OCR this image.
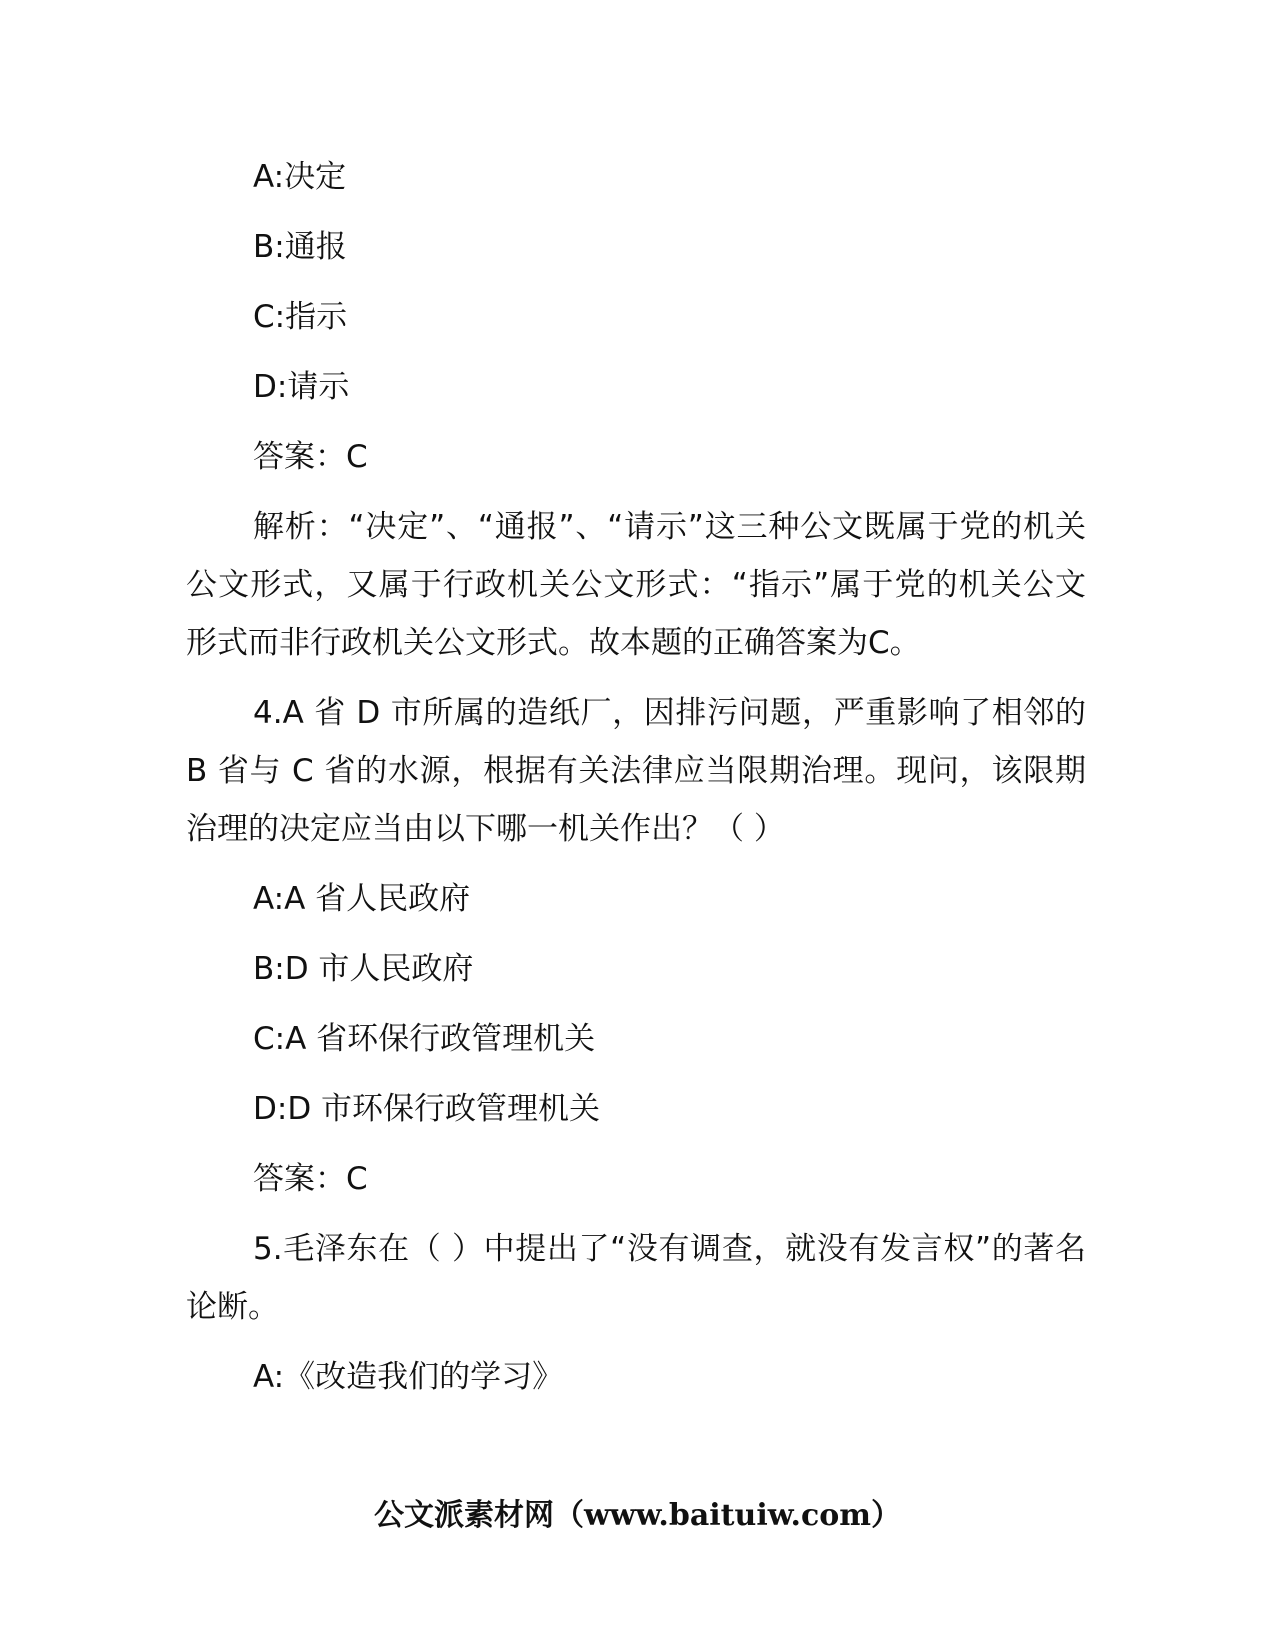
A:决定
B:通报
C:指示
D:请示
答案：C
解析：“决定”、“通报”、“请示”这三种公文既属于党的机关公文形式，又属于行政机关公文形式：“指示”属于党的机关公文形式而非行政机关公文形式。故本题的正确答案为C。
4.A 省 D 市所属的造纸厂，因排污问题，严重影响了相邻的 B 省与 C 省的水源，根据有关法律应当限期治理。现问，该限期治理的决定应当由以下哪一机关作出？（ ）
A:A 省人民政府
B:D 市人民政府
C:A 省环保行政管理机关
D:D 市环保行政管理机关
答案：C
5.毛泽东在（ ）中提出了“没有调查，就没有发言权”的著名论断。
A:《改造我们的学习》
公文派素材网（www.baituiw.com）
